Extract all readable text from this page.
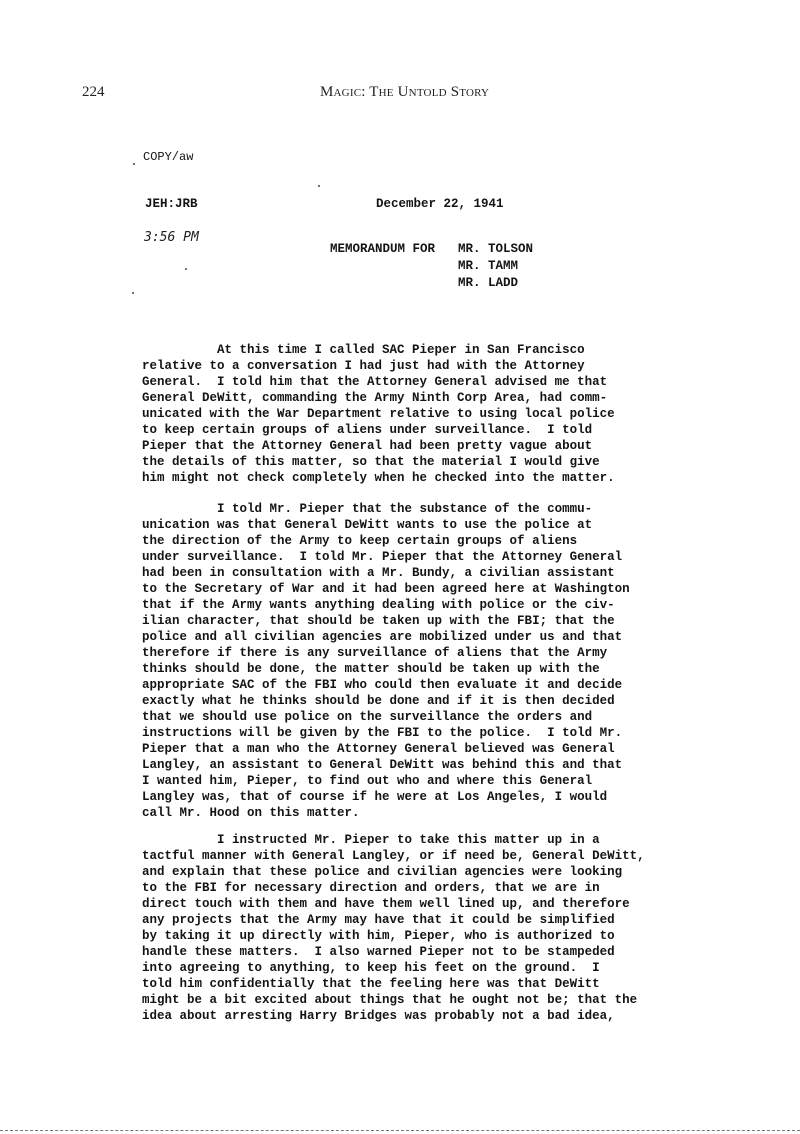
224	Magic: The Untold Story
COPY/aw
JEH:JRB
3:56 PM
December 22, 1941
MEMORANDUM FOR MR. TOLSON
MR. TAMM
MR. LADD
At this time I called SAC Pieper in San Francisco
relative to a conversation I had just had with the Attorney
General.  I told him that the Attorney General advised me that
General DeWitt, commanding the Army Ninth Corp Area, had comm-
unicated with the War Department relative to using local police
to keep certain groups of aliens under surveillance.  I told
Pieper that the Attorney General had been pretty vague about
the details of this matter, so that the material I would give
him might not check completely when he checked into the matter.
I told Mr. Pieper that the substance of the commu-
unication was that General DeWitt wants to use the police at
the direction of the Army to keep certain groups of aliens
under surveillance.  I told Mr. Pieper that the Attorney General
had been in consultation with a Mr. Bundy, a civilian assistant
to the Secretary of War and it had been agreed here at Washington
that if the Army wants anything dealing with police or the civ-
ilian character, that should be taken up with the FBI; that the
police and all civilian agencies are mobilized under us and that
therefore if there is any surveillance of aliens that the Army
thinks should be done, the matter should be taken up with the
appropriate SAC of the FBI who could then evaluate it and decide
exactly what he thinks should be done and if it is then decided
that we should use police on the surveillance the orders and
instructions will be given by the FBI to the police.  I told Mr.
Pieper that a man who the Attorney General believed was General
Langley, an assistant to General DeWitt was behind this and that
I wanted him, Pieper, to find out who and where this General
Langley was, that of course if he were at Los Angeles, I would
call Mr. Hood on this matter.
I instructed Mr. Pieper to take this matter up in a
tactful manner with General Langley, or if need be, General DeWitt,
and explain that these police and civilian agencies were looking
to the FBI for necessary direction and orders, that we are in
direct touch with them and have them well lined up, and therefore
any projects that the Army may have that it could be simplified
by taking it up directly with him, Pieper, who is authorized to
handle these matters.  I also warned Pieper not to be stampeded
into agreeing to anything, to keep his feet on the ground.  I
told him confidentially that the feeling here was that DeWitt
might be a bit excited about things that he ought not be; that the
idea about arresting Harry Bridges was probably not a bad idea,
